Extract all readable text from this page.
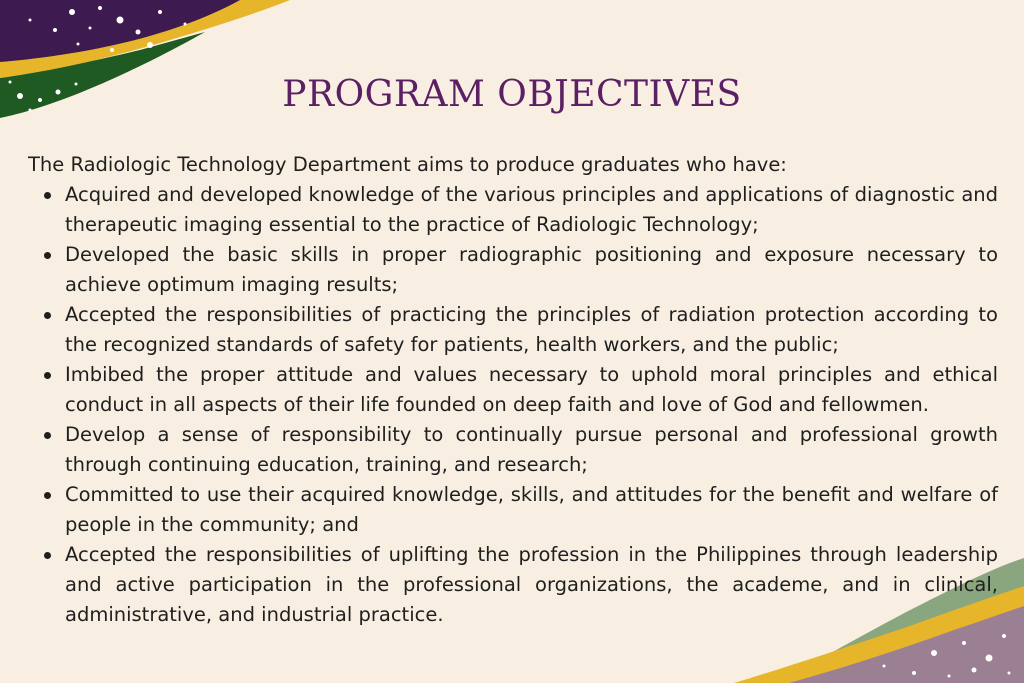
PROGRAM OBJECTIVES

The Radiologic Technology Department aims to produce graduates who have:

Acquired and developed knowledge of the various principles and applications of diagnostic and therapeutic imaging essential to the practice of Radiologic Technology;
Developed the basic skills in proper radiographic positioning and exposure necessary to achieve optimum imaging results;
Accepted the responsibilities of practicing the principles of radiation protection according to the recognized standards of safety for patients, health workers, and the public;
Imbibed the proper attitude and values necessary to uphold moral principles and ethical conduct in all aspects of their life founded on deep faith and love of God and fellowmen.
Develop a sense of responsibility to continually pursue personal and professional growth through continuing education, training, and research;
Committed to use their acquired knowledge, skills, and attitudes for the benefit and welfare of people in the community; and
Accepted the responsibilities of uplifting the profession in the Philippines through leadership and active participation in the professional organizations, the academe, and in clinical, administrative, and industrial practice.
